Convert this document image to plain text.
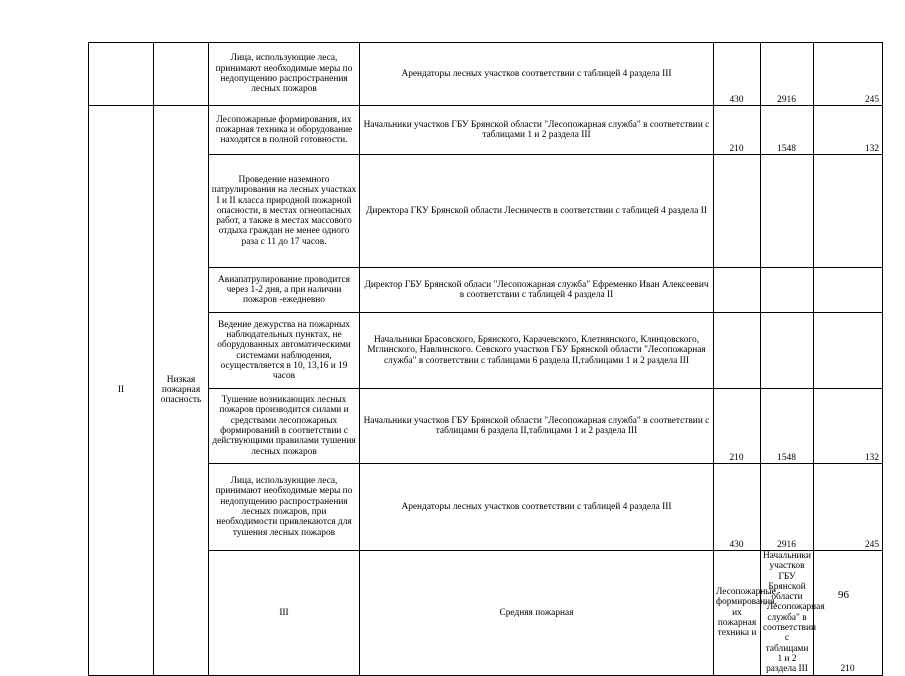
		Лица, использующие леса, принимают необходимые меры по недопущению распространения лесных пожаров	Арендаторы лесных участков соответствии с таблицей 4 раздела III	430	2916	245	
II	Низкая пожарная опасность	Лесопожарные формирования, их пожарная техника и оборудование находятся в полной готовности.	Начальники участков ГБУ Брянской области "Лесопожарная служба" в соответствии с таблицами 1 и 2 раздела III	210	1548	132	
		Проведение наземного патрулирования на лесных участках I и II класса природной пожарной опасности, в местах огнеопасных работ, а также в местах массового отдыха граждан не менее одного раза с 11 до 17 часов.	Директора ГКУ Брянской области Лесничеств в соответствии с таблицей 4 раздела II				
		Авиапатрулирование проводится через 1-2 дня, а при наличии пожаров -ежедневно	Директор ГБУ Брянской обласи "Лесопожарная служба" Ефременко Иван Алексеевич в соответствии с таблицей 4 раздела II				
		Ведение дежурства на пожарных наблюдательных пунктах, не оборудованных автоматическими системами наблюдения, осуществляется в 10, 13,16 и 19 часов	Начальники Брасовского, Брянского, Карачевского, Клетнянского, Клинцовского, Мглинского, Навлинского. Севского участков ГБУ Брянской области "Лесопожарная служба" в соответствии с таблицами 6 раздела II,таблицами 1 и 2 раздела III				
		Тушение возникающих лесных пожаров производится силами и средствами лесопожарных формирований в соответствии с действующими правилами тушения лесных пожаров	Начальники участков ГБУ Брянской области "Лесопожарная служба" в соответствии с таблицами 6 раздела II,таблицами 1 и 2 раздела III	210	1548	132	
		Лица, использующие леса, принимают необходимые меры по недопущению распространения лесных пожаров, при необходимости привлекаются для тушения лесных пожаров	Арендаторы лесных участков соответствии с таблицей 4 раздела III	430	2916	245	
		III	Средняя пожарная	Лесопожарные формирования, их пожарная техника и	Начальники участков ГБУ Брянской области "Лесопожарная служба" в соответствии с таблицами 1 и 2 раздела III	210		
96
